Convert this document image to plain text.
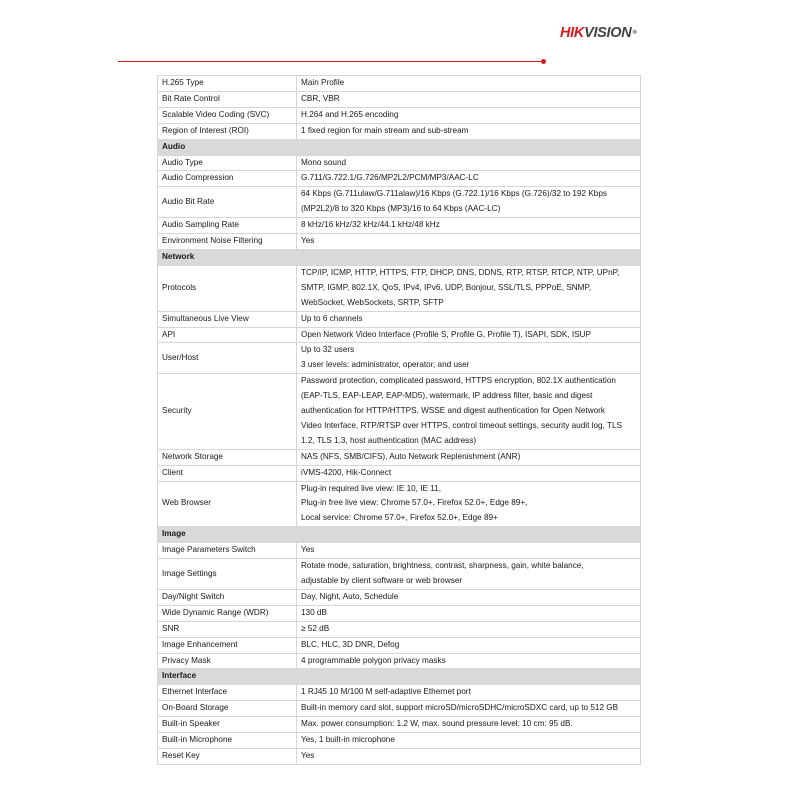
HIKVISION®
H.265 Type	Main Profile

Bit Rate Control	CBR, VBR

Scalable Video Coding (SVC)	H.264 and H.265 encoding

Region of Interest (ROI)	1 fixed region for main stream and sub-stream

Audio	
Audio Type	Mono sound

Audio Compression	G.711/G.722.1/G.726/MP2L2/PCM/MP3/AAC-LC

Audio Bit Rate	64 Kbps (G.711ulaw/G.711alaw)/16 Kbps (G.722.1)/16 Kbps (G.726)/32 to 192 Kbps
(MP2L2)/8 to 320 Kbps (MP3)/16 to 64 Kbps (AAC-LC)

Audio Sampling Rate	8 kHz/16 kHz/32 kHz/44.1 kHz/48 kHz

Environment Noise Filtering	Yes

Network	
Protocols	TCP/IP, ICMP, HTTP, HTTPS, FTP, DHCP, DNS, DDNS, RTP, RTSP, RTCP, NTP, UPnP,
SMTP, IGMP, 802.1X, QoS, IPv4, IPv6, UDP, Bonjour, SSL/TLS, PPPoE, SNMP,
WebSocket, WebSockets, SRTP, SFTP

Simultaneous Live View	Up to 6 channels

API	Open Network Video Interface (Profile S, Profile G, Profile T), ISAPI, SDK, ISUP

User/Host	Up to 32 users
3 user levels: administrator, operator, and user

Security	Password protection, complicated password, HTTPS encryption, 802.1X authentication
(EAP-TLS, EAP-LEAP, EAP-MD5), watermark, IP address filter, basic and digest
authentication for HTTP/HTTPS, WSSE and digest authentication for Open Network
Video Interface, RTP/RTSP over HTTPS, control timeout settings, security audit log, TLS
1.2, TLS 1.3, host authentication (MAC address)

Network Storage	NAS (NFS, SMB/CIFS), Auto Network Replenishment (ANR)

Client	iVMS-4200, Hik-Connect

Web Browser	Plug-in required live view: IE 10, IE 11,
Plug-in free live view: Chrome 57.0+, Firefox 52.0+, Edge 89+,
Local service: Chrome 57.0+, Firefox 52.0+, Edge 89+

Image	
Image Parameters Switch	Yes

Image Settings	Rotate mode, saturation, brightness, contrast, sharpness, gain, white balance,
adjustable by client software or web browser

Day/Night Switch	Day, Night, Auto, Schedule

Wide Dynamic Range (WDR)	130 dB

SNR	≥ 52 dB

Image Enhancement	BLC, HLC, 3D DNR, Defog

Privacy Mask	4 programmable polygon privacy masks

Interface	
Ethernet Interface	1 RJ45 10 M/100 M self-adaptive Ethernet port

On-Board Storage	Built-in memory card slot, support microSD/microSDHC/microSDXC card, up to 512 GB

Built-in Speaker	Max. power consumption: 1.2 W, max. sound pressure level: 10 cm: 95 dB.

Built-in Microphone	Yes, 1 built-in microphone

Reset Key	Yes
